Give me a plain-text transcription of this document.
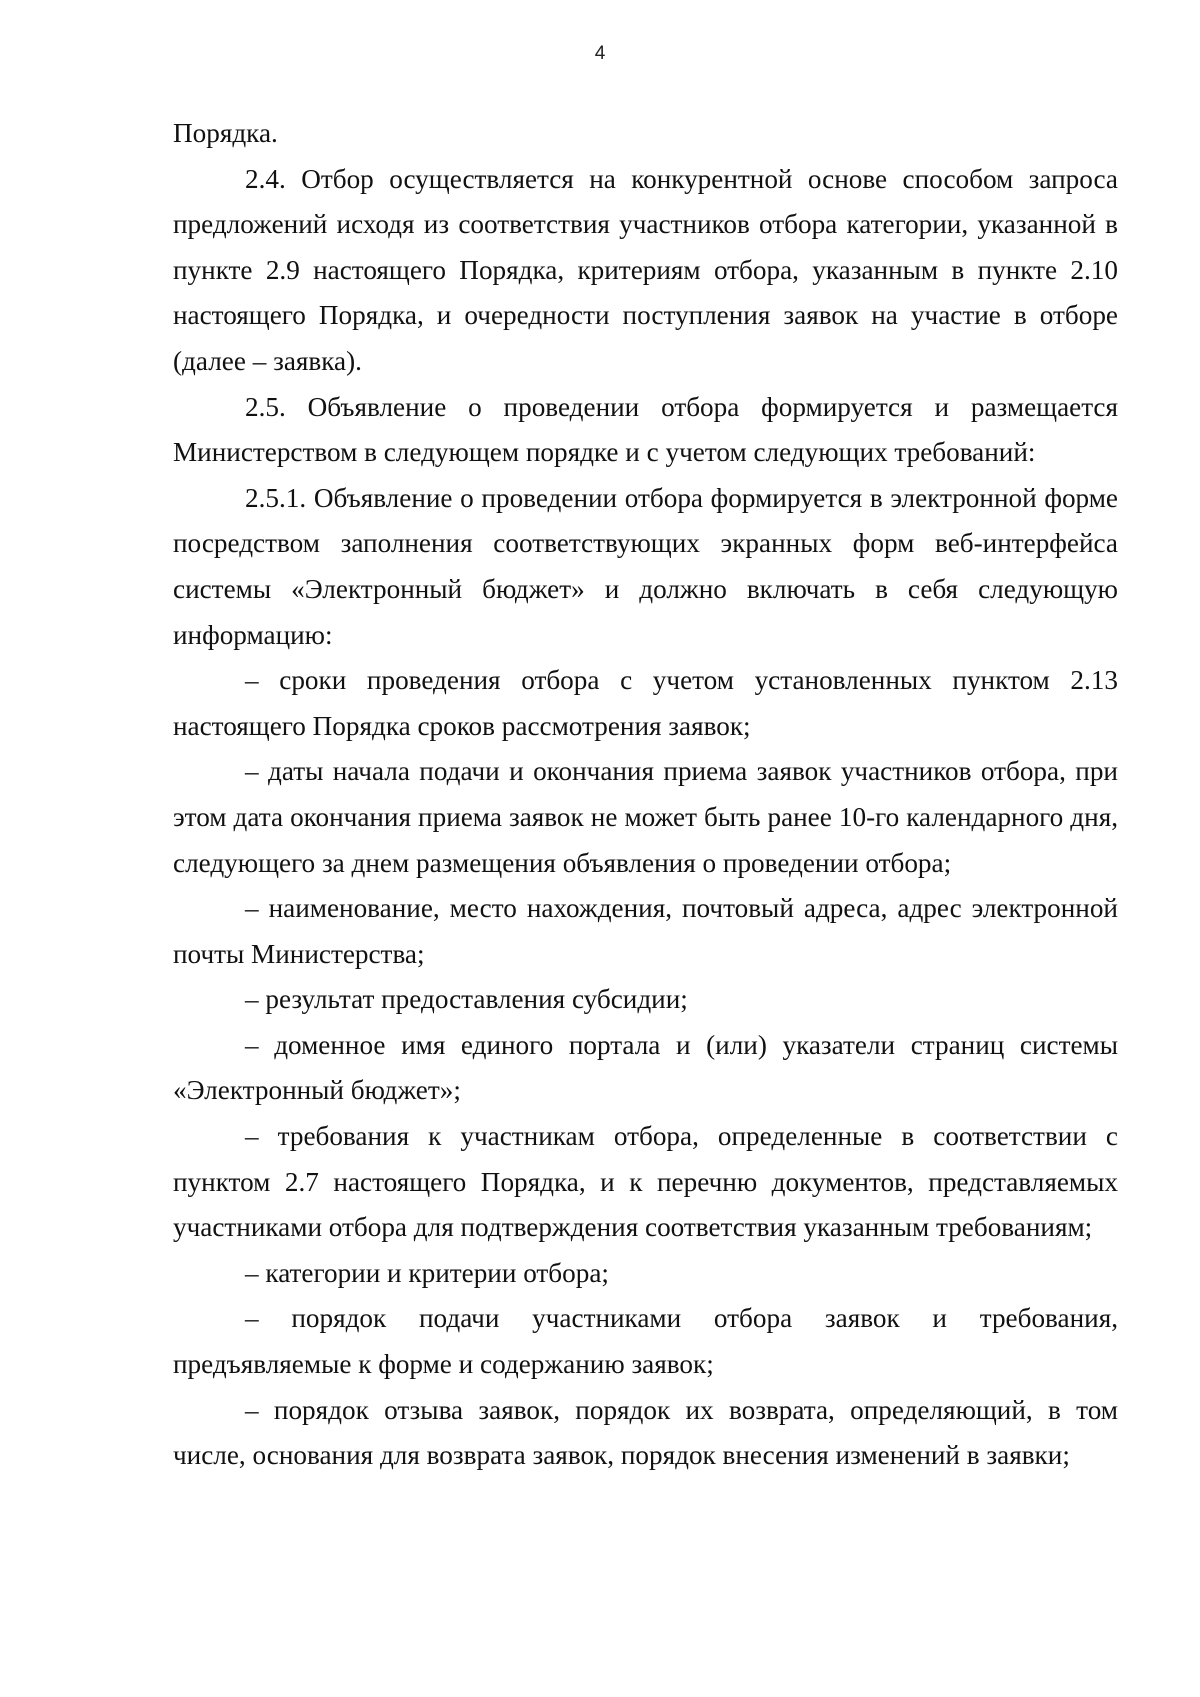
4

Порядка.

2.4. Отбор осуществляется на конкурентной основе способом запроса предложений исходя из соответствия участников отбора категории, указанной в пункте 2.9 настоящего Порядка, критериям отбора, указанным в пункте 2.10 настоящего Порядка, и очередности поступления заявок на участие в отборе (далее – заявка).

2.5. Объявление о проведении отбора формируется и размещается Министерством в следующем порядке и с учетом следующих требований:

2.5.1. Объявление о проведении отбора формируется в электронной форме посредством заполнения соответствующих экранных форм веб-интерфейса системы «Электронный бюджет» и должно включать в себя следующую информацию:

– сроки проведения отбора с учетом установленных пунктом 2.13 настоящего Порядка сроков рассмотрения заявок;

– даты начала подачи и окончания приема заявок участников отбора, при этом дата окончания приема заявок не может быть ранее 10-го календарного дня, следующего за днем размещения объявления о проведении отбора;

– наименование, место нахождения, почтовый адреса, адрес электронной почты Министерства;

– результат предоставления субсидии;

– доменное имя единого портала и (или) указатели страниц системы «Электронный бюджет»;

– требования к участникам отбора, определенные в соответствии с пунктом 2.7 настоящего Порядка, и к перечню документов, представляемых участниками отбора для подтверждения соответствия указанным требованиям;

– категории и критерии отбора;

– порядок подачи участниками отбора заявок и требования, предъявляемые к форме и содержанию заявок;

– порядок отзыва заявок, порядок их возврата, определяющий, в том числе, основания для возврата заявок, порядок внесения изменений в заявки;
